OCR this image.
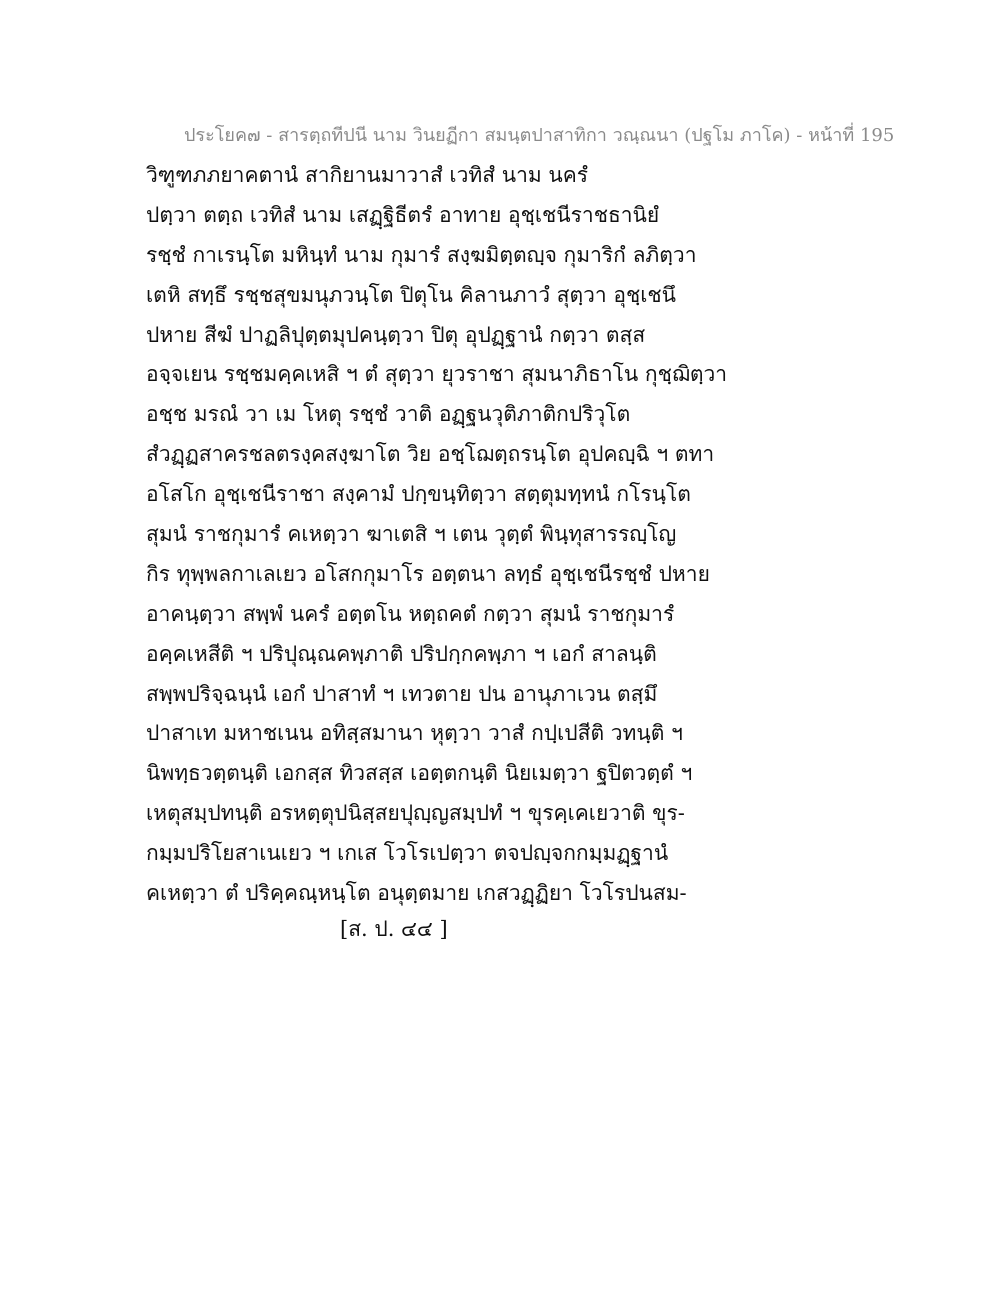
ประโยค๗ - สารตฺถทีปนี นาม วินยฏีกา สมนฺตปาสาทิกา วณฺณนา (ปฐโม ภาโค) - หน้าที่ 195
วิฑูฑภภยาคตานํ สากิยานมาวาสํ เวทิสํ นาม นครํ
ปตฺวา ตตฺถ เวทิสํ นาม เสฏฺฐิธีตรํ อาทาย อุชฺเชนีราชธานิยํ
รชฺชํ กาเรนฺโต มหินฺทํ นาม กุมารํ สงฺฆมิตฺตญฺจ กุมาริกํ ลภิตฺวา
เตหิ สทฺธึ รชฺชสุขมนุภวนฺโต ปิตุโน คิลานภาวํ สุตฺวา อุชฺเชนึ
ปหาย สีฆํ ปาฏลิปุตฺตมุปคนฺตฺวา ปิตุ อุปฏฺฐานํ กตฺวา ตสฺส
อจฺจเยน รชฺชมคฺคเหสิ ฯ ตํ สุตฺวา ยุวราชา สุมนาภิธาโน กุชฺฌิตฺวา
อชฺช มรณํ วา เม โหตุ รชฺชํ วาติ อฏฺฐนวุติภาติกปริวุโต
สํวฏฺฏสาครชลตรงฺคสงฺฆาโต วิย อชฺโฌตฺถรนฺโต อุปคญฺฉิ ฯ ตทา
อโสโก อุชฺเชนีราชา สงฺคามํ ปกฺขนฺทิตฺวา สตฺตุมทฺทนํ กโรนฺโต
สุมนํ ราชกุมารํ คเหตฺวา ฆาเตสิ ฯ เตน วุตฺตํ พินฺทุสารรญฺโญ
กิร ทุพฺพลกาเลเยว อโสกกุมาโร อตฺตนา ลทฺธํ อุชฺเชนีรชฺชํ ปหาย
อาคนฺตฺวา สพฺพํ นครํ อตฺตโน หตฺถคตํ กตฺวา สุมนํ ราชกุมารํ
อคฺคเหสีติ ฯ ปริปุณฺณคพฺภาติ ปริปกฺกคพฺภา ฯ เอกํ สาลนฺติ
สพฺพปริจฺฉนฺนํ เอกํ ปาสาทํ ฯ เทวตาย ปน อานุภาเวน ตสฺมึ
ปาสาเท มหาชเนน อทิสฺสมานา หุตฺวา วาสํ กปฺเปสีติ วทนฺติ ฯ
นิพทฺธวตฺตนฺติ เอกสฺส ทิวสสฺส เอตฺตกนฺติ นิยเมตฺวา ฐปิตวตฺตํ ฯ
เหตุสมฺปทนฺติ อรหตฺตุปนิสฺสยปุญฺญสมฺปทํ ฯ ขุรคฺเคเยวาติ ขุร-
กมฺมปริโยสาเนเยว ฯ เกเส โวโรเปตฺวา ตจปญฺจกกมฺมฏฺฐานํ
คเหตฺวา ตํ ปริคฺคณฺหนฺโต อนุตฺตมาย เกสวฏฺฏิยา โวโรปนสม-
[ส. ป. ๔๔ ]
